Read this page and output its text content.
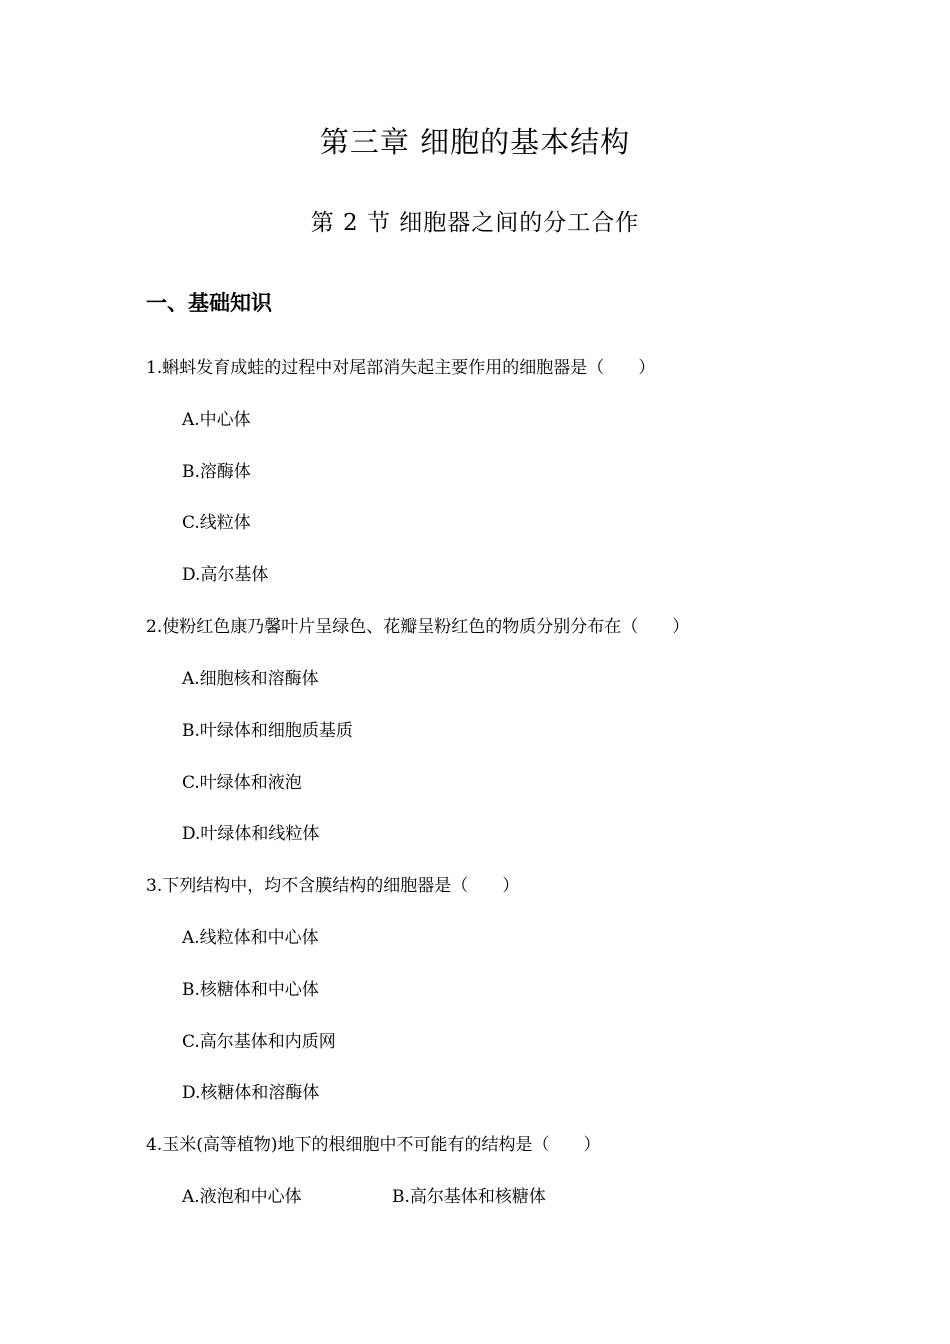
第三章 细胞的基本结构
第 2 节 细胞器之间的分工合作
一、基础知识
1.蝌蚪发育成蛙的过程中对尾部消失起主要作用的细胞器是（　　）
A.中心体
B.溶酶体
C.线粒体
D.高尔基体
2.使粉红色康乃馨叶片呈绿色、花瓣呈粉红色的物质分别分布在（　　）
A.细胞核和溶酶体
B.叶绿体和细胞质基质
C.叶绿体和液泡
D.叶绿体和线粒体
3.下列结构中，均不含膜结构的细胞器是（　　）
A.线粒体和中心体
B.核糖体和中心体
C.高尔基体和内质网
D.核糖体和溶酶体
4.玉米(高等植物)地下的根细胞中不可能有的结构是（　　）
A.液泡和中心体	B.高尔基体和核糖体
